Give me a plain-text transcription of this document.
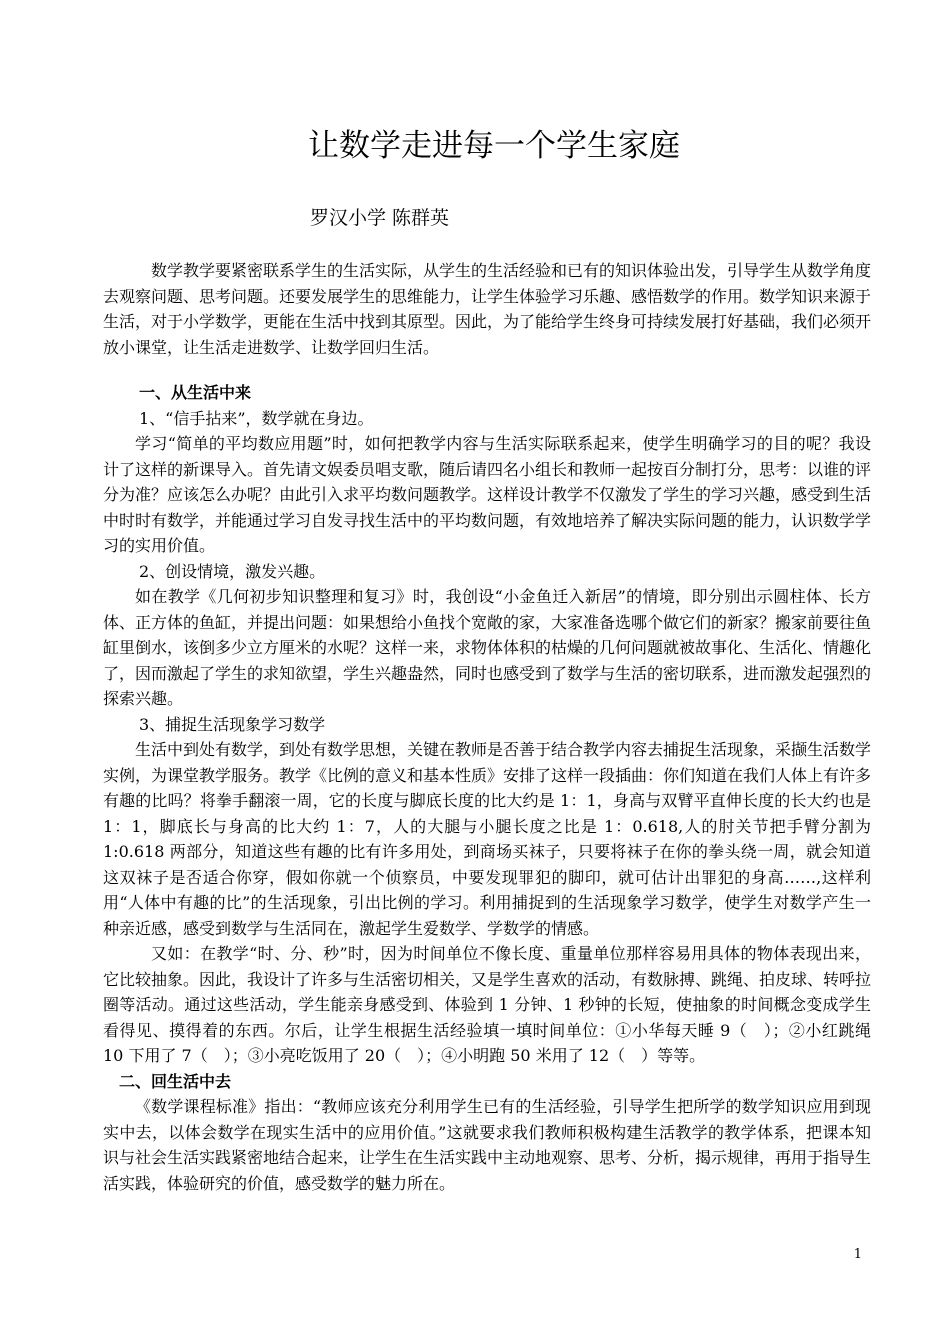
让数学走进每一个学生家庭
罗汉小学 陈群英

数学教学要紧密联系学生的生活实际，从学生的生活经验和已有的知识体验出发，引导学生从数学角度去观察问题、思考问题。还要发展学生的思维能力，让学生体验学习乐趣、感悟数学的作用。数学知识来源于生活，对于小学数学，更能在生活中找到其原型。因此，为了能给学生终身可持续发展打好基础，我们必须开放小课堂，让生活走进数学、让数学回归生活。

一、从生活中来
1、“信手拈来”，数学就在身边。

学习“简单的平均数应用题”时，如何把教学内容与生活实际联系起来，使学生明确学习的目的呢？我设计了这样的新课导入。首先请文娱委员唱支歌，随后请四名小组长和教师一起按百分制打分，思考：以谁的评分为准？应该怎么办呢？由此引入求平均数问题教学。这样设计教学不仅激发了学生的学习兴趣，感受到生活中时时有数学，并能通过学习自发寻找生活中的平均数问题，有效地培养了解决实际问题的能力，认识数学学习的实用价值。

2、创设情境，激发兴趣。

如在教学《几何初步知识整理和复习》时，我创设“小金鱼迁入新居”的情境，即分别出示圆柱体、长方体、正方体的鱼缸，并提出问题：如果想给小鱼找个宽敞的家，大家准备选哪个做它们的新家？搬家前要往鱼缸里倒水，该倒多少立方厘米的水呢？这样一来，求物体体积的枯燥的几何问题就被故事化、生活化、情趣化了，因而激起了学生的求知欲望，学生兴趣盎然，同时也感受到了数学与生活的密切联系，进而激发起强烈的探索兴趣。

3、捕捉生活现象学习数学

生活中到处有数学，到处有数学思想，关键在教师是否善于结合教学内容去捕捉生活现象，采撷生活数学实例，为课堂教学服务。教学《比例的意义和基本性质》安排了这样一段插曲：你们知道在我们人体上有许多有趣的比吗？将拳手翻滚一周，它的长度与脚底长度的比大约是 1：1，身高与双臂平直伸长度的长大约也是 1：1，脚底长与身高的比大约 1：7，人的大腿与小腿长度之比是 1：0.618,人的肘关节把手臂分割为 1:0.618 两部分，知道这些有趣的比有许多用处，到商场买袜子，只要将袜子在你的拳头绕一周，就会知道这双袜子是否适合你穿，假如你就一个侦察员，中要发现罪犯的脚印，就可估计出罪犯的身高……,这样利用“人体中有趣的比”的生活现象，引出比例的学习。利用捕捉到的生活现象学习数学，使学生对数学产生一种亲近感，感受到数学与生活同在，激起学生爱数学、学数学的情感。

又如：在教学“时、分、秒”时，因为时间单位不像长度、重量单位那样容易用具体的物体表现出来，它比较抽象。因此，我设计了许多与生活密切相关，又是学生喜欢的活动，有数脉搏、跳绳、拍皮球、转呼拉圈等活动。通过这些活动，学生能亲身感受到、体验到 1 分钟、1 秒钟的长短，使抽象的时间概念变成学生看得见、摸得着的东西。尔后，让学生根据生活经验填一填时间单位：①小华每天睡 9（　）；②小红跳绳 10 下用了 7（　）；③小亮吃饭用了 20（　）；④小明跑 50 米用了 12（　）等等。

二、回生活中去

《数学课程标准》指出：“教师应该充分利用学生已有的生活经验，引导学生把所学的数学知识应用到现实中去，以体会数学在现实生活中的应用价值。”这就要求我们教师积极构建生活教学的教学体系，把课本知识与社会生活实践紧密地结合起来，让学生在生活实践中主动地观察、思考、分析，揭示规律，再用于指导生活实践，体验研究的价值，感受数学的魅力所在。

1
